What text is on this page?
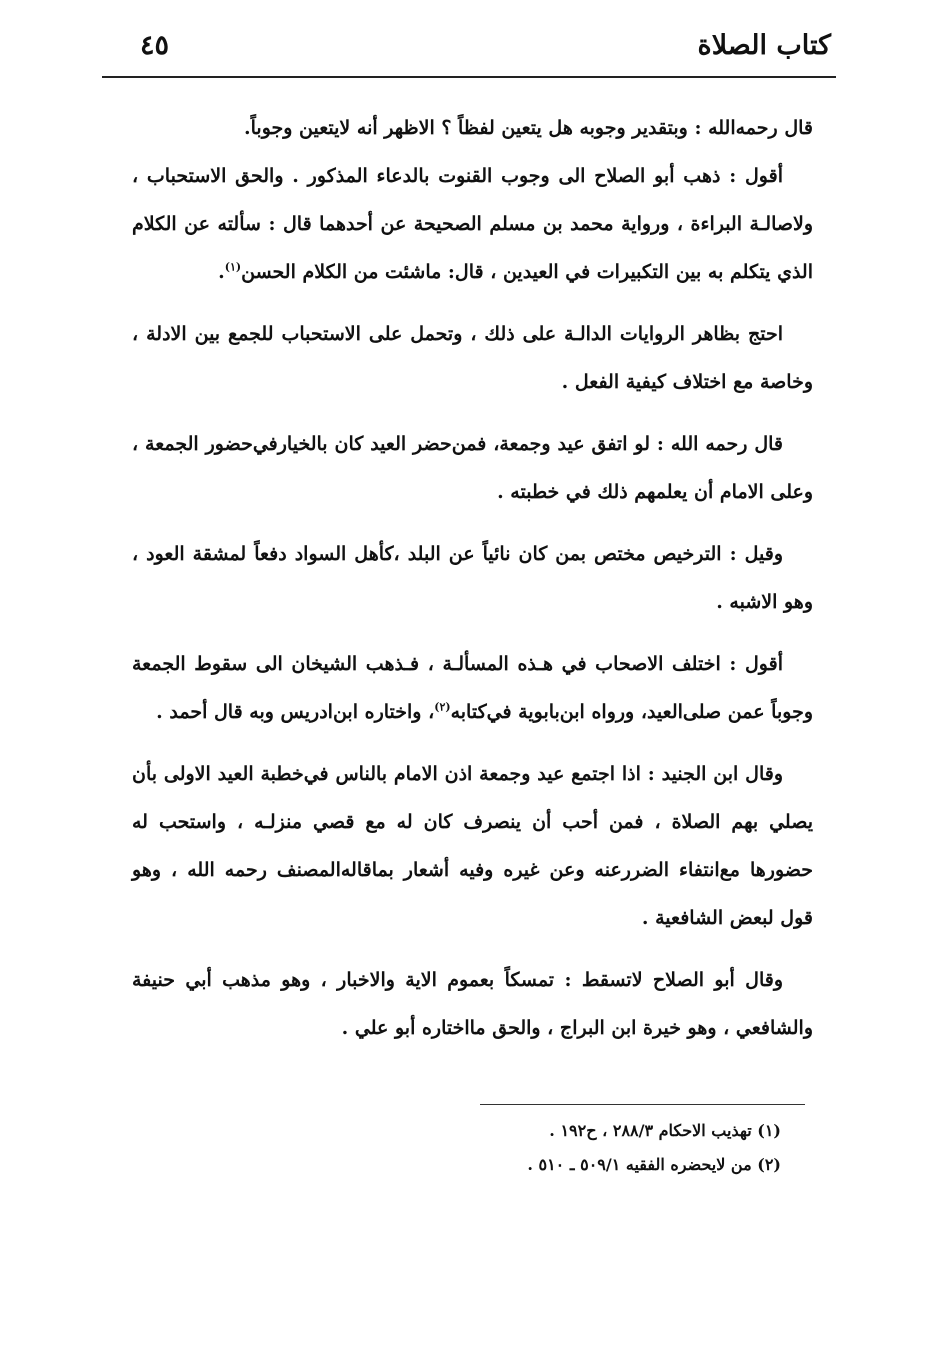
كتاب الصلاة
٤٥

قال رحمه‌الله : وبتقدير وجوبه هل يتعين لفظاً ؟ الاظهر أنه لايتعين وجوباً.

أقول : ذهب أبو الصلاح الى وجوب القنوت بالدعاء المذكور . والحق الاستحباب ، ولاصالـة البراءة ، ورواية محمد بن مسلم الصحيحة عن أحدهما قال : سألته عن الكلام الذي يتكلم به بين التكبيرات في العيدين ، قال: ماشئت من الكلام الحسن$^{(١)}$.

احتج بظاهر الروايات الدالـة على ذلك ، وتحمل على الاستحباب للجمع بين الادلة ، وخاصة مع اختلاف كيفية الفعل .

قال رحمه الله : لو اتفق عيد وجمعة، فمن‌حضر العيد كان بالخيارفي‌حضور الجمعة ، وعلى الامام أن يعلمهم ذلك في خطبته .

وقيل : الترخيص مختص بمن كان نائياً عن البلد ،كأهل السواد دفعاً لمشقة العود ، وهو الاشبه .

أقول : اختلف الاصحاب في هـذه المسألـة ، فـذهب الشيخان الى سقوط الجمعة وجوباً عمن صلى‌العيد، ورواه ابن‌بابوية في‌كتابه$^{(٢)}$، واختاره ابن‌ادريس وبه قال أحمد .

وقال ابن الجنيد : اذا اجتمع عيد وجمعة اذن الامام بالناس في‌خطبة العيد الاولى بأن يصلي بهم الصلاة ، فمن أحب أن ينصرف كان له مع قصي منزلـه ، واستحب له حضورها مع‌انتفاء الضررعنه وعن غيره وفيه أشعار بماقاله‌المصنف رحمه الله ، وهو قول لبعض الشافعية .

وقال أبو الصلاح لاتسقط : تمسكاً بعموم الاية والاخبار ، وهو مذهب أبي حنيفة والشافعي ، وهو خيرة ابن البراج ، والحق مااختاره أبو علي .

(١) تهذيب الاحكام ٢٨٨/٣ ، ح١٩٢ .
(٢) من لايحضره الفقيه ٥٠٩/١ ـ ٥١٠ .
